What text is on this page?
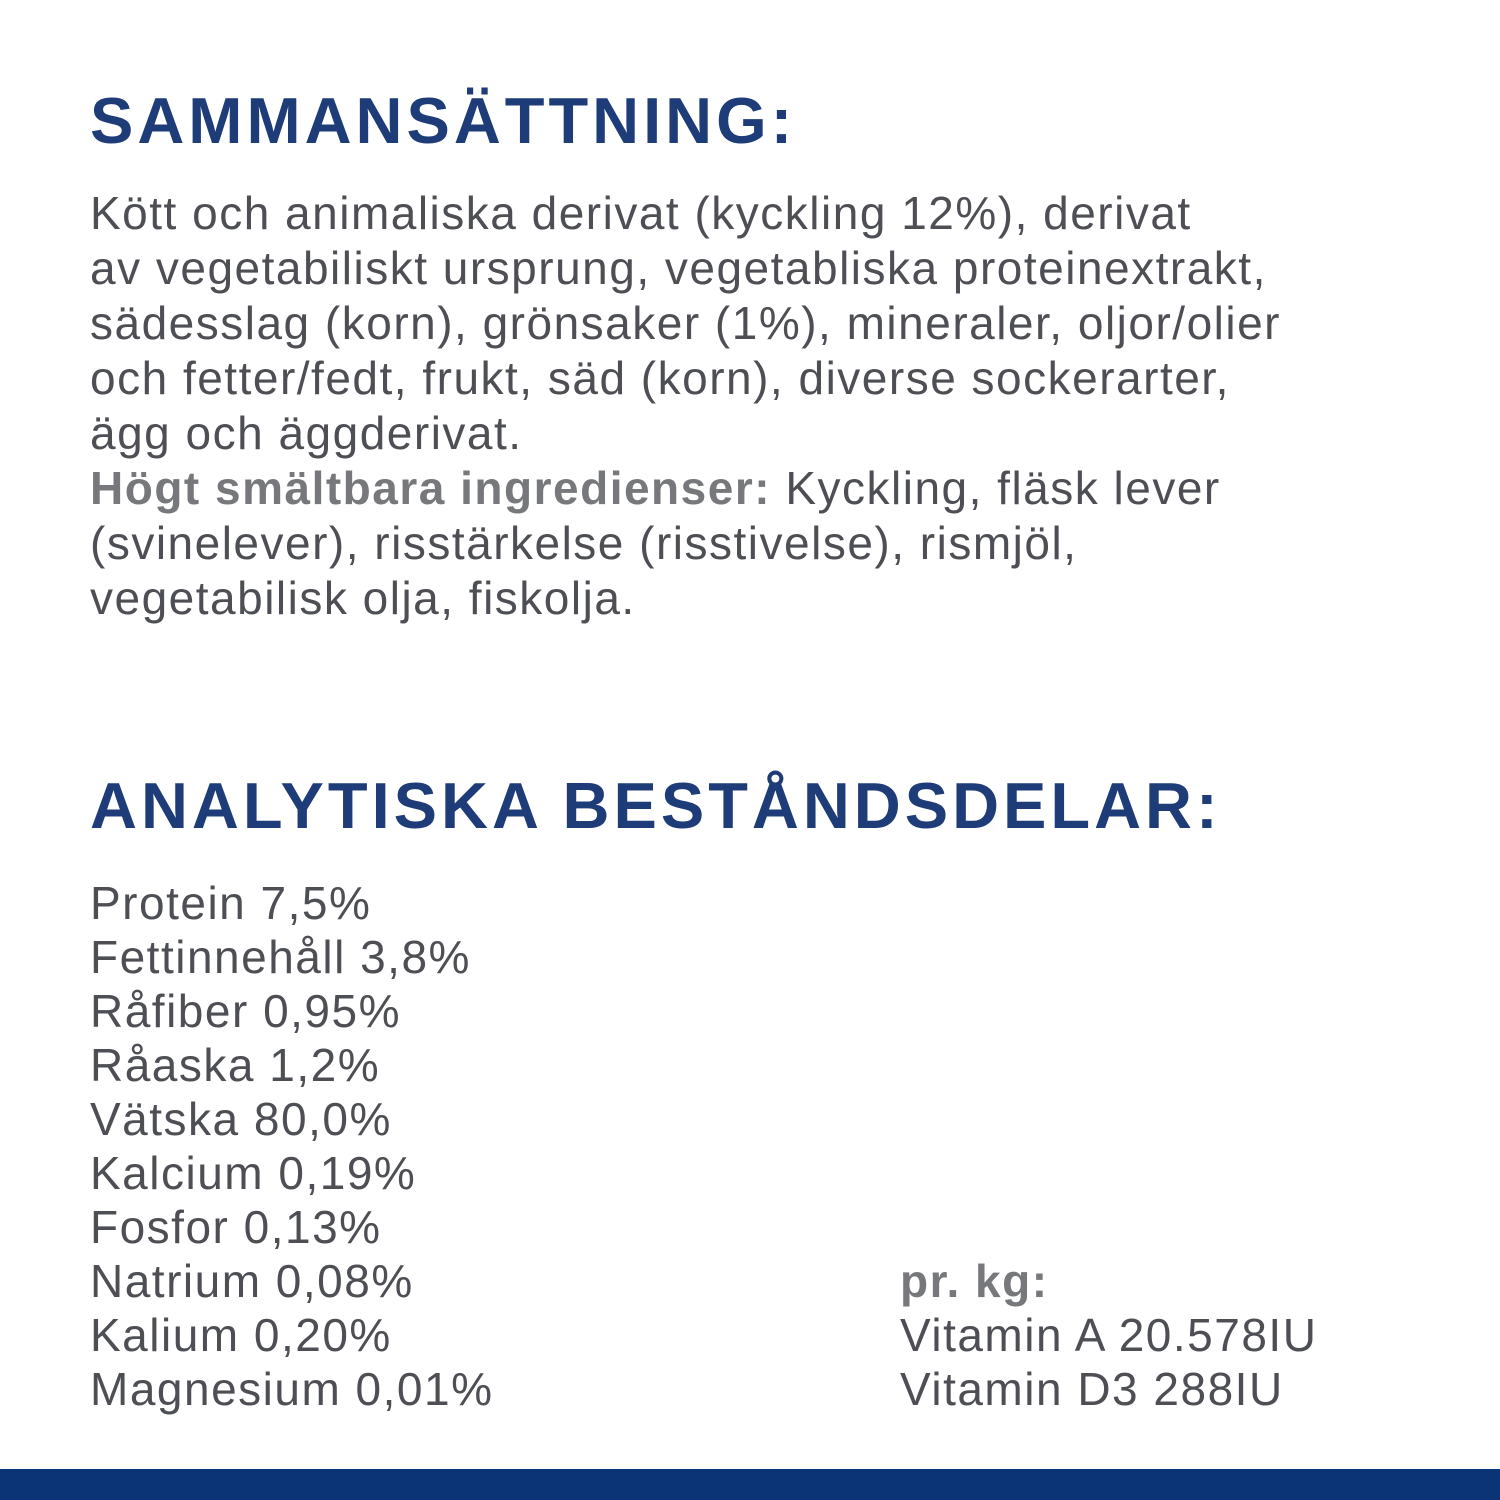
SAMMANSÄTTNING:
Kött och animaliska derivat (kyckling 12%), derivat
av vegetabiliskt ursprung, vegetabliska proteinextrakt,
sädesslag (korn), grönsaker (1%), mineraler, oljor/olier
och fetter/fedt, frukt, säd (korn), diverse sockerarter,
ägg och äggderivat.
Högt smältbara ingredienser: Kyckling, fläsk lever
(svinelever), risstärkelse (risstivelse), rismjöl,
vegetabilisk olja, fiskolja.
ANALYTISKA BESTÅNDSDELAR:
Protein 7,5%
Fettinnehåll 3,8%
Råfiber 0,95%
Råaska 1,2%
Vätska 80,0%
Kalcium 0,19%
Fosfor 0,13%
Natrium 0,08%
Kalium 0,20%
Magnesium 0,01%
pr. kg:
Vitamin A 20.578IU
Vitamin D3 288IU
